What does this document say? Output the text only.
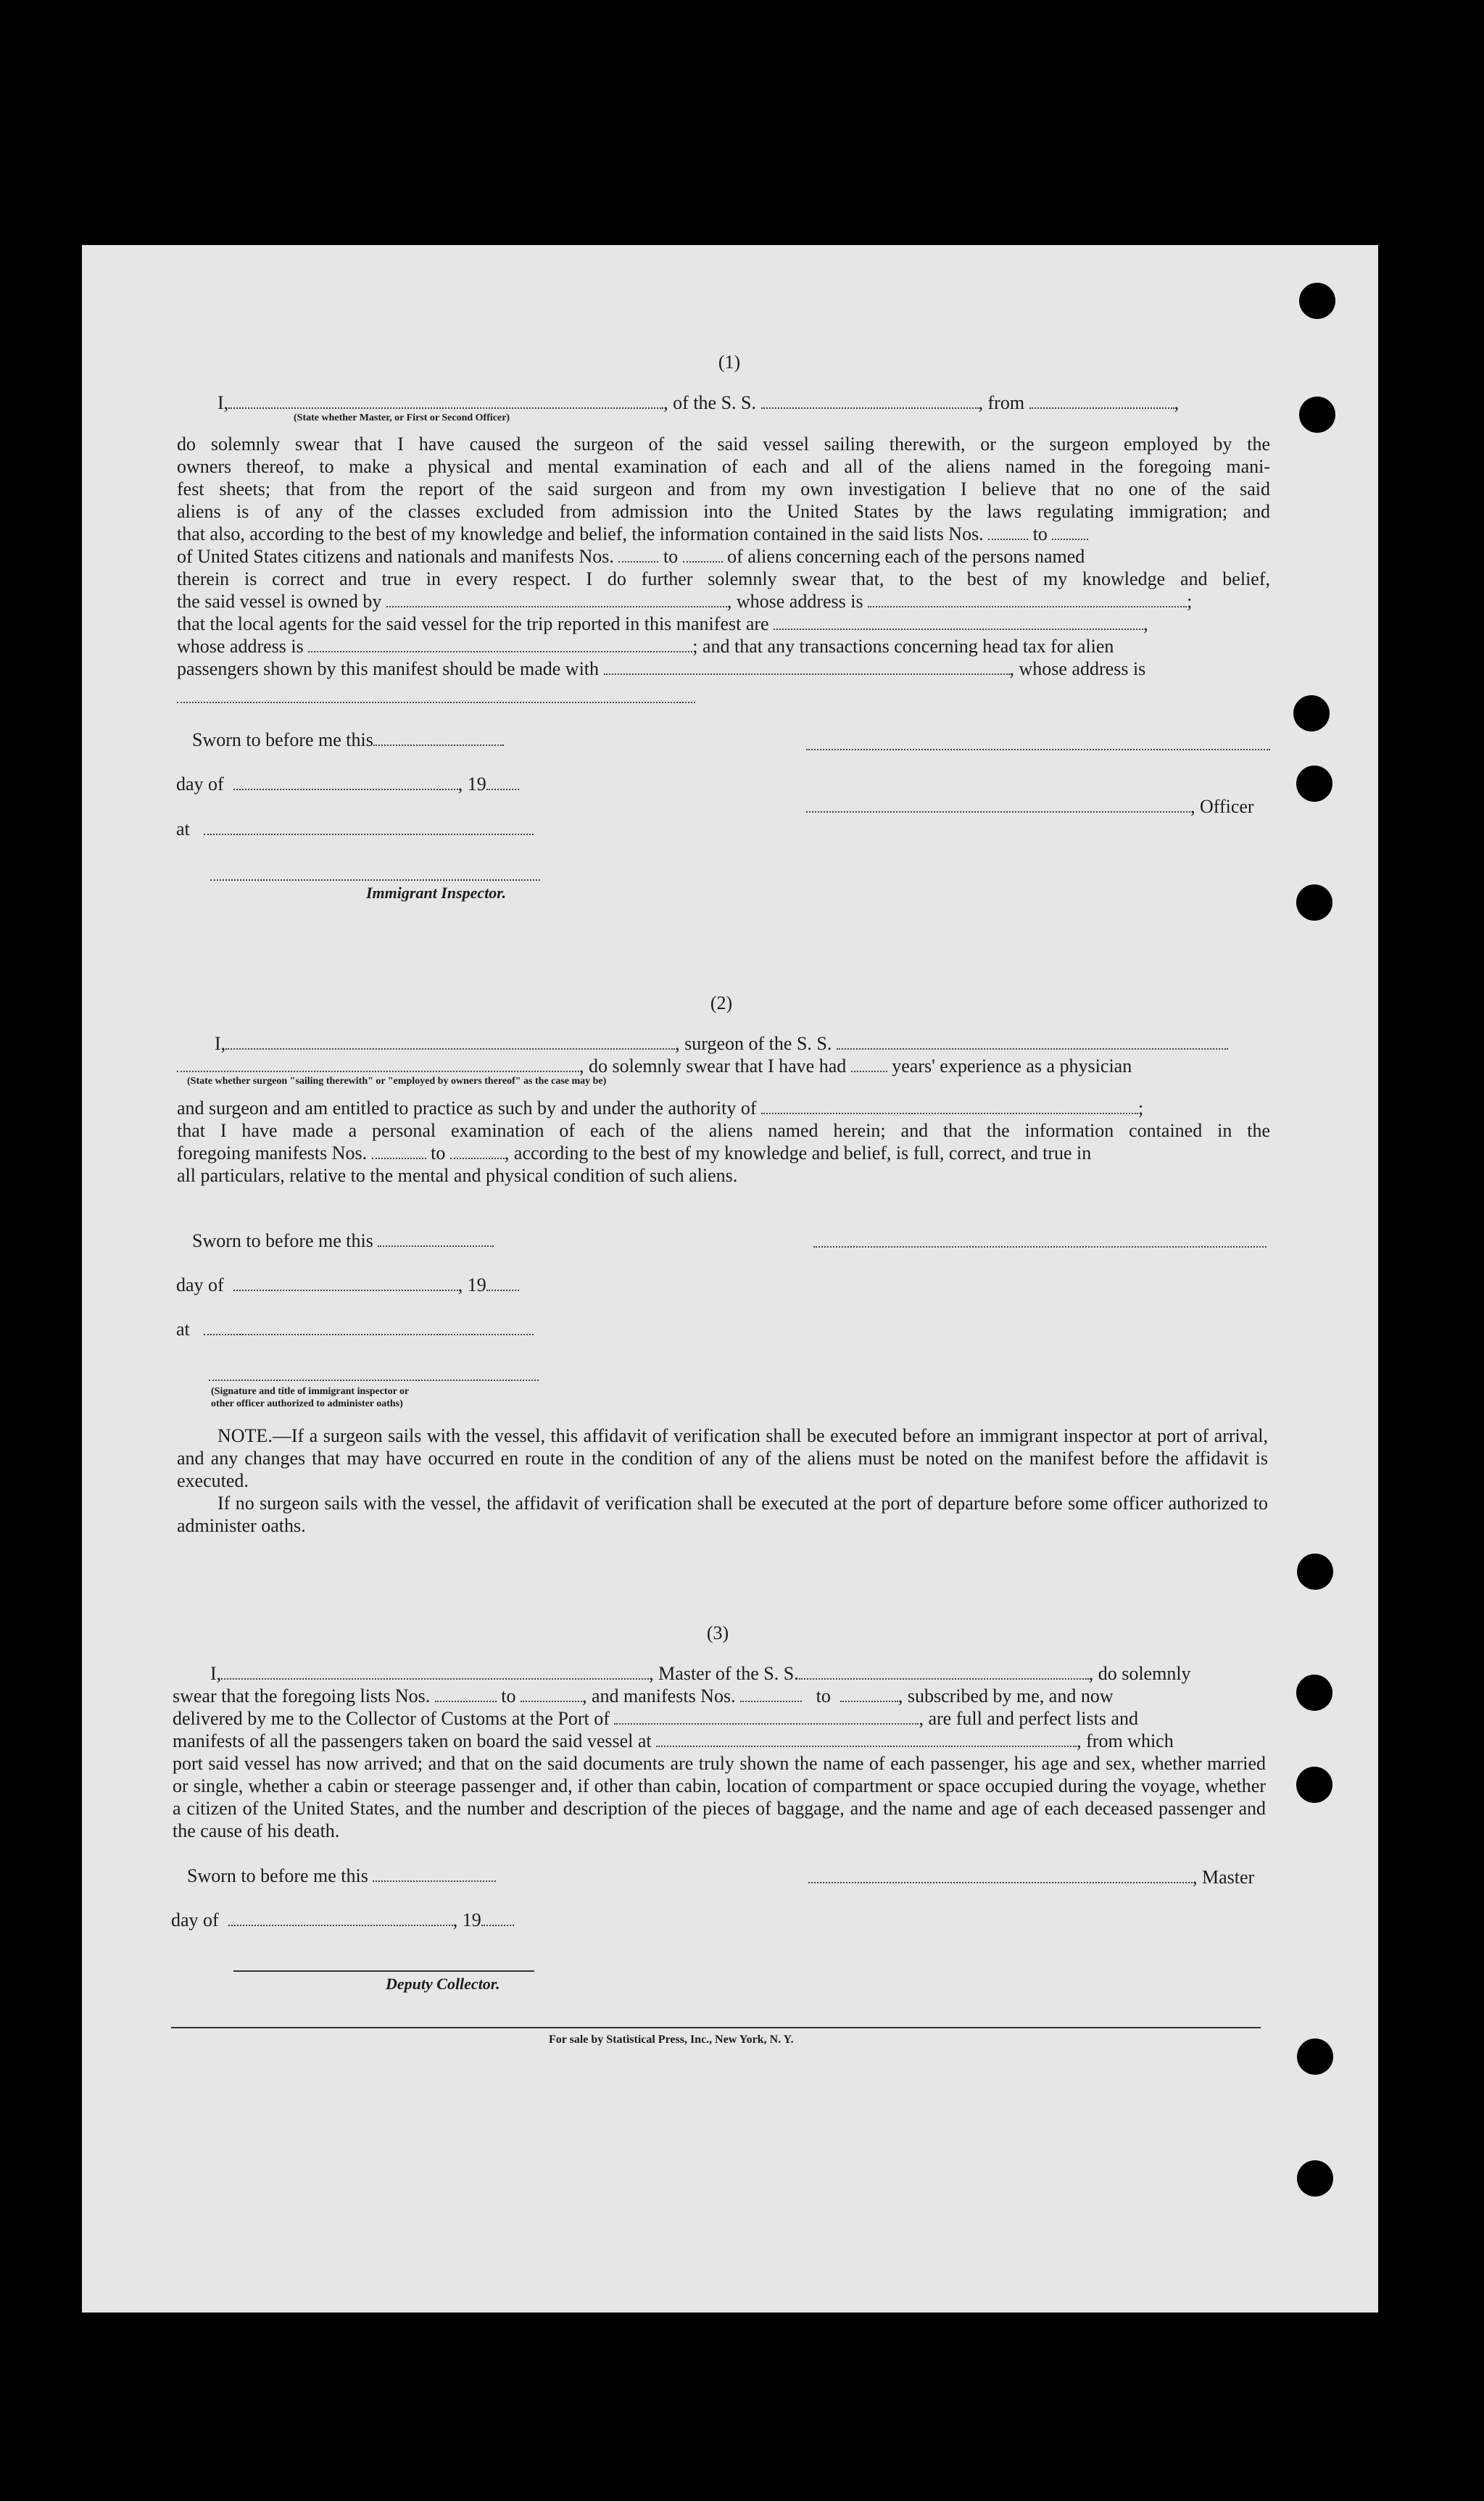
(1)
I,	, of the S. S.	, from	,
(State whether Master, or First or Second Officer)
do solemnly swear that I have caused the surgeon of the said vessel sailing therewith, or the surgeon employed by the
owners thereof, to make a physical and mental examination of each and all of the aliens named in the foregoing mani-
fest sheets; that from the report of the said surgeon and from my own investigation I believe that no one of the said
aliens is of any of the classes excluded from admission into the United States by the laws regulating immigration; and
that also, according to the best of my knowledge and belief, the information contained in the said lists Nos.	to
of United States citizens and nationals and manifests Nos.	to	of aliens concerning each of the persons named
therein is correct and true in every respect. I do further solemnly swear that, to the best of my knowledge and belief,
the said vessel is owned by	, whose address is	;
that the local agents for the said vessel for the trip reported in this manifest are	,
whose address is	; and that any transactions concerning head tax for alien
passengers shown by this manifest should be made with	, whose address is
Sworn to before me this
day of	, 19
at
Immigrant Inspector.
, Officer
(2)
I,	, surgeon of the S. S.
, do solemnly swear that I have had years' experience as a physician
(State whether surgeon "sailing therewith" or "employed by owners thereof" as the case may be)
and surgeon and am entitled to practice as such by and under the authority of	;
that I have made a personal examination of each of the aliens named herein; and that the information contained in the
foregoing manifests Nos.	to	, according to the best of my knowledge and belief, is full, correct, and true in
all particulars, relative to the mental and physical condition of such aliens.
Sworn to before me this
day of	, 19
at
(Signature and title of immigrant inspector or
other officer authorized to administer oaths)

NOTE.—If a surgeon sails with the vessel, this affidavit of verification shall be executed before an immigrant inspector at port of arrival, and any changes that may have occurred en route in the condition of any of the aliens must be noted on the manifest before the affidavit is executed.

If no surgeon sails with the vessel, the affidavit of verification shall be executed at the port of departure before some officer authorized to administer oaths.

(3)
I,	, Master of the S. S.	, do solemnly
swear that the foregoing lists Nos.	to	, and manifests Nos.	to	, subscribed by me, and now
delivered by me to the Collector of Customs at the Port of	, are full and perfect lists and
manifests of all the passengers taken on board the said vessel at	, from which

port said vessel has now arrived; and that on the said documents are truly shown the name of each passenger, his age and sex, whether married or single, whether a cabin or steerage passenger and, if other than cabin, location of compartment or space occupied during the voyage, whether a citizen of the United States, and the number and description of the pieces of baggage, and the name and age of each deceased passenger and the cause of his death.

Sworn to before me this
day of	, 19
Deputy Collector.
, Master
For sale by Statistical Press, Inc., New York, N. Y.
